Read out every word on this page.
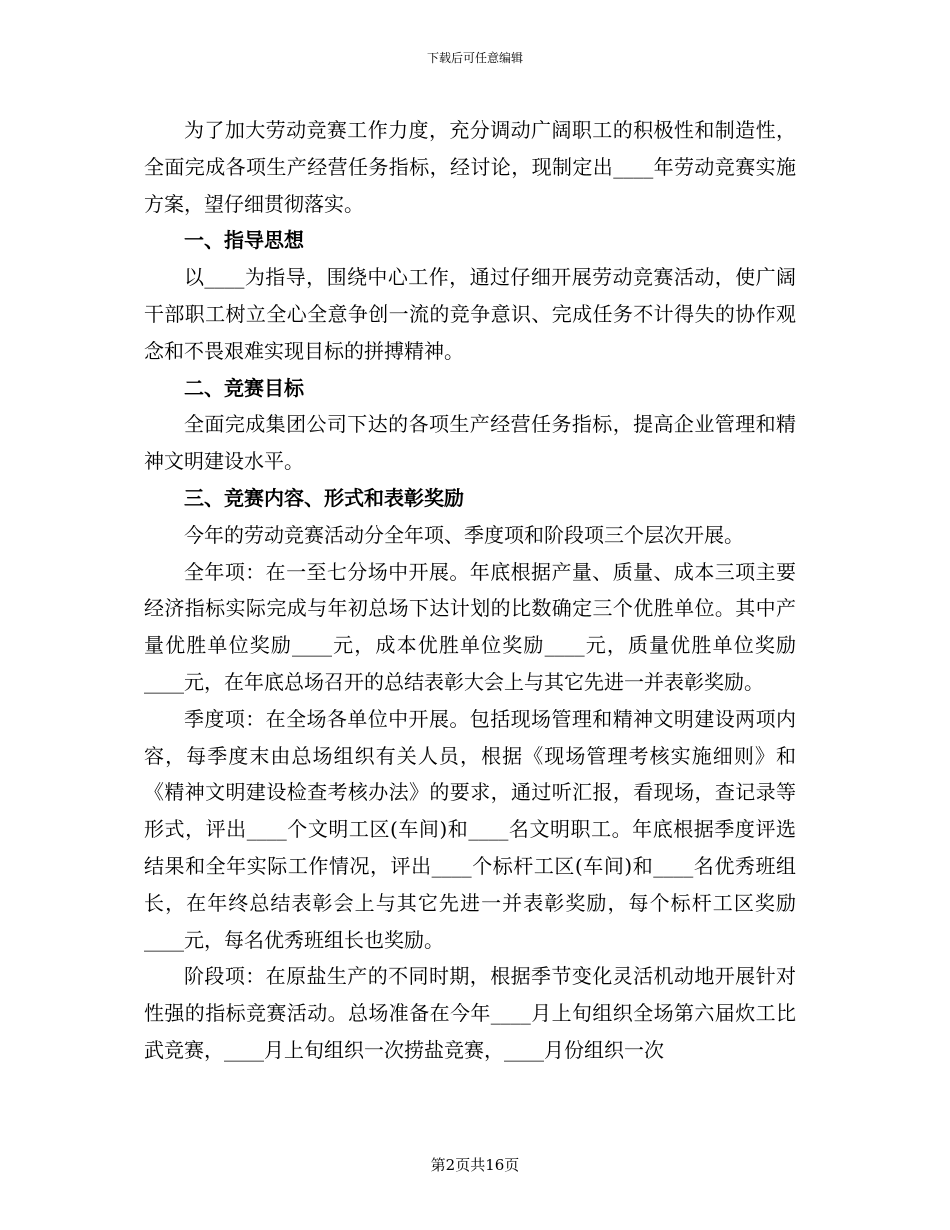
下载后可任意编辑

为了加大劳动竞赛工作力度，充分调动广阔职工的积极性和制造性，全面完成各项生产经营任务指标，经讨论，现制定出____年劳动竞赛实施方案，望仔细贯彻落实。

一、指导思想

以____为指导，围绕中心工作，通过仔细开展劳动竞赛活动，使广阔干部职工树立全心全意争创一流的竞争意识、完成任务不计得失的协作观念和不畏艰难实现目标的拼搏精神。

二、竞赛目标

全面完成集团公司下达的各项生产经营任务指标，提高企业管理和精神文明建设水平。

三、竞赛内容、形式和表彰奖励

今年的劳动竞赛活动分全年项、季度项和阶段项三个层次开展。

全年项：在一至七分场中开展。年底根据产量、质量、成本三项主要经济指标实际完成与年初总场下达计划的比数确定三个优胜单位。其中产量优胜单位奖励____元，成本优胜单位奖励____元，质量优胜单位奖励____元，在年底总场召开的总结表彰大会上与其它先进一并表彰奖励。

季度项：在全场各单位中开展。包括现场管理和精神文明建设两项内容，每季度末由总场组织有关人员，根据《现场管理考核实施细则》和《精神文明建设检查考核办法》的要求，通过听汇报，看现场，查记录等形式，评出____个文明工区(车间)和____名文明职工。年底根据季度评选结果和全年实际工作情况，评出____个标杆工区(车间)和____名优秀班组长，在年终总结表彰会上与其它先进一并表彰奖励，每个标杆工区奖励____元，每名优秀班组长也奖励。

阶段项：在原盐生产的不同时期，根据季节变化灵活机动地开展针对性强的指标竞赛活动。总场准备在今年____月上旬组织全场第六届炊工比武竞赛，____月上旬组织一次捞盐竞赛，____月份组织一次

第2页共16页
